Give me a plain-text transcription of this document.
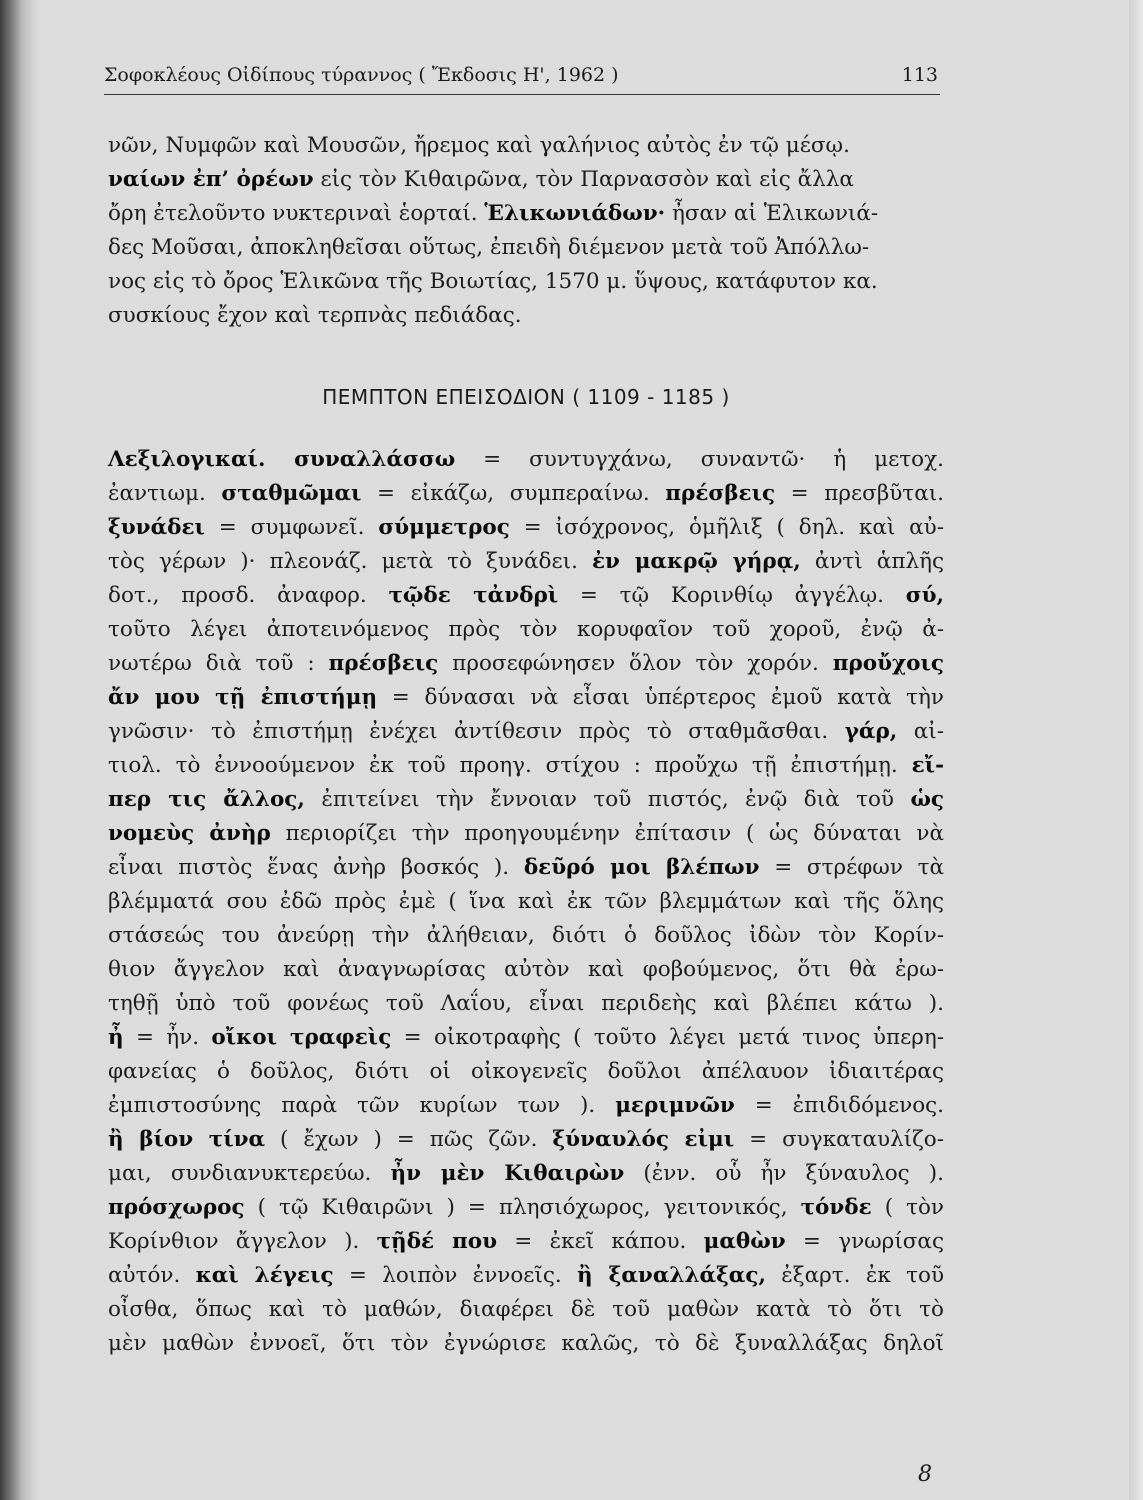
Σοφοκλέους Οἰδίπους τύραννος ( Ἔκδοσις Η', 1962 )	113
νῶν, Νυμφῶν καὶ Μουσῶν, ἤρεμος καὶ γαλήνιος αὐτὸς ἐν τῷ μέσῳ.
ναίων ἐπ’ ὀρέων εἰς τὸν Κιθαιρῶνα, τὸν Παρνασσὸν καὶ εἰς ἄλλα
ὄρη ἐτελοῦντο νυκτεριναὶ ἑορταί. Ἑλικωνιάδων· ἦσαν αἱ Ἑλικωνιά-
δες Μοῦσαι, ἀποκληθεῖσαι οὕτως, ἐπειδὴ διέμενον μετὰ τοῦ Ἀπόλλω-
νος εἰς τὸ ὄρος Ἑλικῶνα τῆς Βοιωτίας, 1570 μ. ὕψους, κατάφυτον κα.
συσκίους ἔχον καὶ τερπνὰς πεδιάδας.
ΠΕΜΠΤΟΝ ΕΠΕΙΣΟΔΙΟΝ ( 1109 - 1185 )
Λεξιλογικαί. συναλλάσσω = συντυγχάνω, συναντῶ· ἡ μετοχ.
ἐαντιωμ. σταθμῶμαι = εἰκάζω, συμπεραίνω. πρέσβεις = πρεσβῦται.
ξυνάδει = συμφωνεῖ. σύμμετρος = ἰσόχρονος, ὁμῆλιξ ( δηλ. καὶ αὐ-
τὸς γέρων )· πλεονάζ. μετὰ τὸ ξυνάδει. ἐν μακρῷ γήρᾳ, ἀντὶ ἁπλῆς
δοτ., προσδ. ἀναφορ. τῷδε τἀνδρὶ = τῷ Κορινθίῳ ἀγγέλῳ. σύ,
τοῦτο λέγει ἀποτεινόμενος πρὸς τὸν κορυφαῖον τοῦ χοροῦ, ἐνῷ ἀ-
νωτέρω διὰ τοῦ : πρέσβεις προσεφώνησεν ὅλον τὸν χορόν. προὔχοις
ἄν μου τῇ ἐπιστήμῃ = δύνασαι νὰ εἶσαι ὑπέρτερος ἐμοῦ κατὰ τὴν
γνῶσιν· τὸ ἐπιστήμῃ ἐνέχει ἀντίθεσιν πρὸς τὸ σταθμᾶσθαι. γάρ, αἰ-
τιολ. τὸ ἐννοούμενον ἐκ τοῦ προηγ. στίχου : προὔχω τῇ ἐπιστήμῃ. εἴ-
περ τις ἄλλος, ἐπιτείνει τὴν ἔννοιαν τοῦ πιστός, ἐνῷ διὰ τοῦ ὡς
νομεὺς ἀνὴρ περιορίζει τὴν προηγουμένην ἐπίτασιν ( ὡς δύναται νὰ
εἶναι πιστὸς ἕνας ἀνὴρ βοσκός ). δεῦρό μοι βλέπων = στρέφων τὰ
βλέμματά σου ἐδῶ πρὸς ἐμὲ ( ἵνα καὶ ἐκ τῶν βλεμμάτων καὶ τῆς ὅλης
στάσεώς του ἀνεύρῃ τὴν ἀλήθειαν, διότι ὁ δοῦλος ἰδὼν τὸν Κορίν-
θιον ἄγγελον καὶ ἀναγνωρίσας αὐτὸν καὶ φοβούμενος, ὅτι θὰ ἐρω-
τηθῇ ὑπὸ τοῦ φονέως τοῦ Λαΐου, εἶναι περιδεὴς καὶ βλέπει κάτω ).
ἦ = ἦν. οἴκοι τραφεὶς = οἰκοτραφὴς ( τοῦτο λέγει μετά τινος ὑπερη-
φανείας ὁ δοῦλος, διότι οἱ οἰκογενεῖς δοῦλοι ἀπέλαυον ἰδιαιτέρας
ἐμπιστοσύνης παρὰ τῶν κυρίων των ). μεριμνῶν = ἐπιδιδόμενος.
ἢ βίον τίνα ( ἔχων ) = πῶς ζῶν. ξύναυλός εἰμι = συγκαταυλίζο-
μαι, συνδιανυκτερεύω. ἦν μὲν Κιθαιρὼν (ἐνν. οὗ ἦν ξύναυλος ).
πρόσχωρος ( τῷ Κιθαιρῶνι ) = πλησιόχωρος, γειτονικός, τόνδε ( τὸν
Κορίνθιον ἄγγελον ). τῇδέ που = ἐκεῖ κάπου. μαθὼν = γνωρίσας
αὐτόν. καὶ λέγεις = λοιπὸν ἐννοεῖς. ἢ ξαναλλάξας, ἐξαρτ. ἐκ τοῦ
οἶσθα, ὅπως καὶ τὸ μαθών, διαφέρει δὲ τοῦ μαθὼν κατὰ τὸ ὅτι τὸ
μὲν μαθὼν ἐννοεῖ, ὅτι τὸν ἐγνώρισε καλῶς, τὸ δὲ ξυναλλάξας δηλοῖ
8
